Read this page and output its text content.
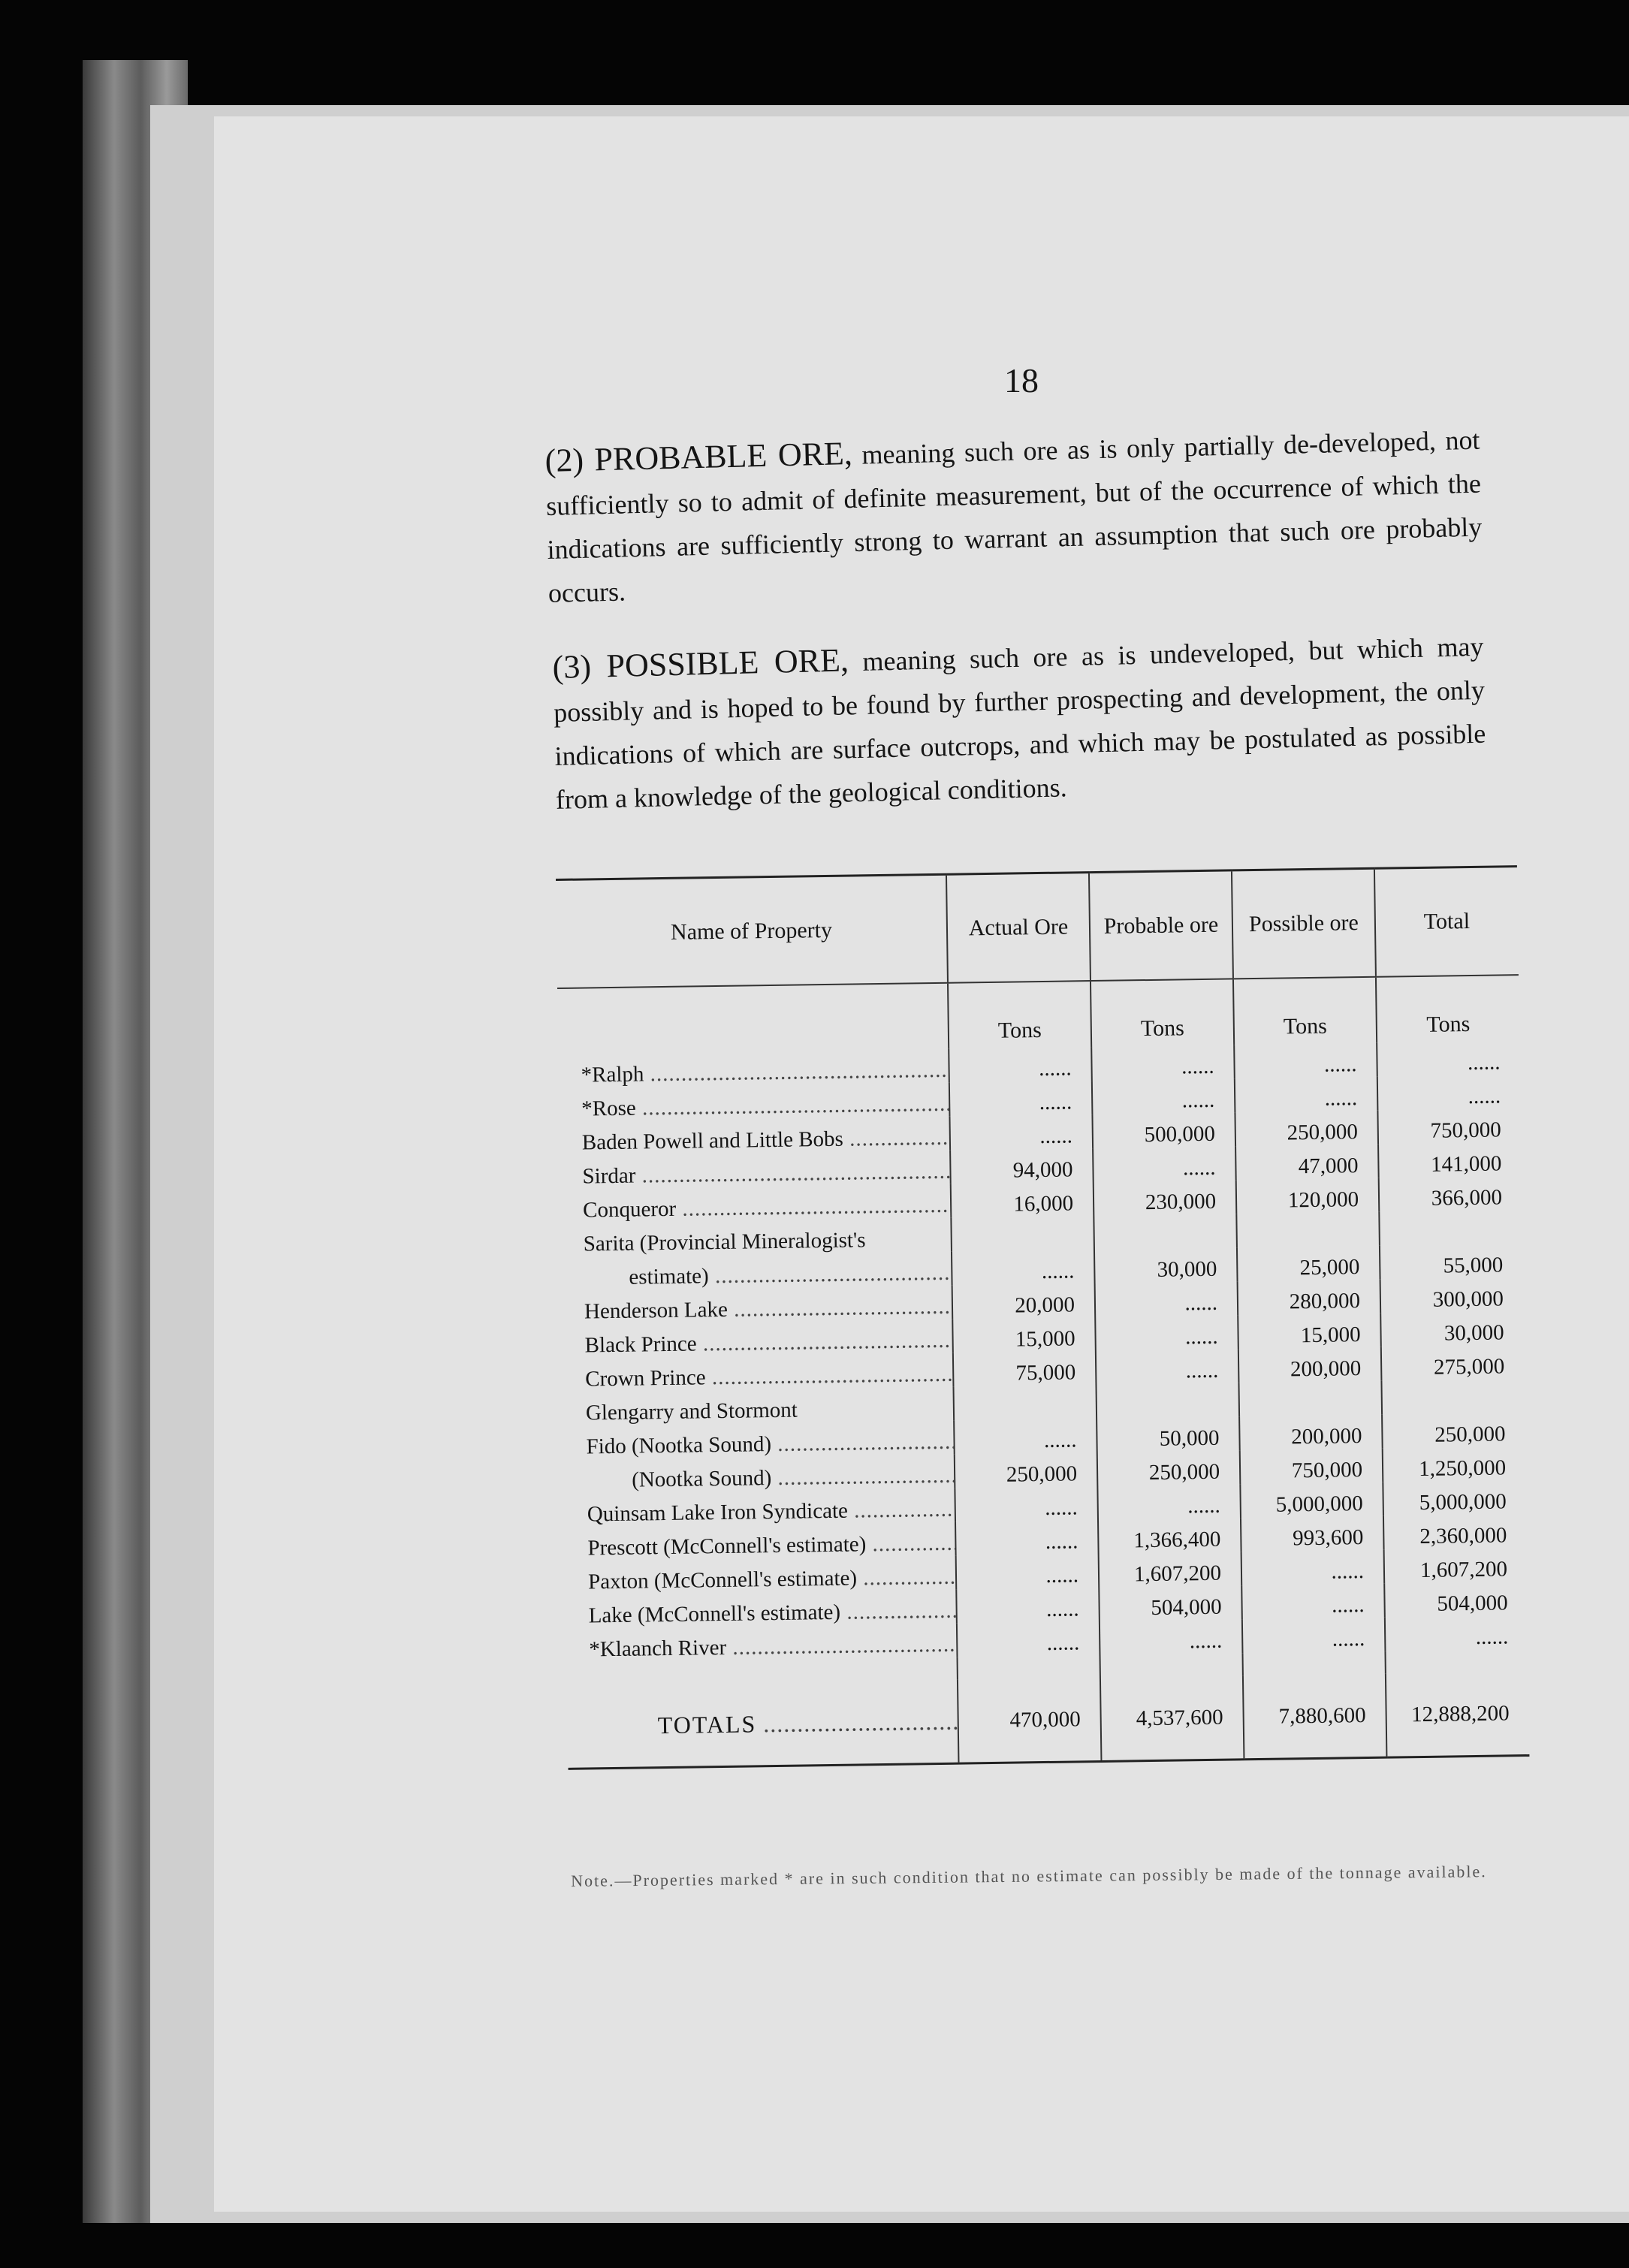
18

(2) PROBABLE ORE, meaning such ore as is only partially de-developed, not sufficiently so to admit of definite measurement, but of the occurrence of which the indications are sufficiently strong to warrant an assumption that such ore probably occurs.

(3) POSSIBLE ORE, meaning such ore as is undeveloped, but which may possibly and is hoped to be found by further prospecting and development, the only indications of which are surface outcrops, and which may be postulated as possible from a knowledge of the geological conditions.

Name of Property	Actual Ore	Probable ore	Possible ore	Total
	Tons	Tons	Tons	Tons
*Ralph .....	......	......	......	......
*Rose .....	......	......	......	......
Baden Powell and Little Bobs .....	......	500,000	250,000	750,000
Sirdar .....	94,000	......	47,000	141,000
Conqueror .....	16,000	230,000	120,000	366,000
Sarita (Provincial Mineralogist's				
estimate) .....	......	30,000	25,000	55,000
Henderson Lake .....	20,000	......	280,000	300,000
Black Prince .....	15,000	......	15,000	30,000
Crown Prince .....	75,000	......	200,000	275,000
Glengarry and Stormont				
Fido (Nootka Sound) .....	......	50,000	200,000	250,000
(Nootka Sound) .....	250,000	250,000	750,000	1,250,000
Quinsam Lake Iron Syndicate .....	......	......	5,000,000	5,000,000
Prescott (McConnell's estimate) .....	......	1,366,400	993,600	2,360,000
Paxton (McConnell's estimate) .....	......	1,607,200	......	1,607,200
Lake (McConnell's estimate) .....	......	504,000	......	504,000
*Klaanch River .....	......	......	......	......

TOTALS .....	470,000	4,537,600	7,880,600	12,888,200

Note.—Properties marked * are in such condition that no estimate can possibly be made of the tonnage available.
